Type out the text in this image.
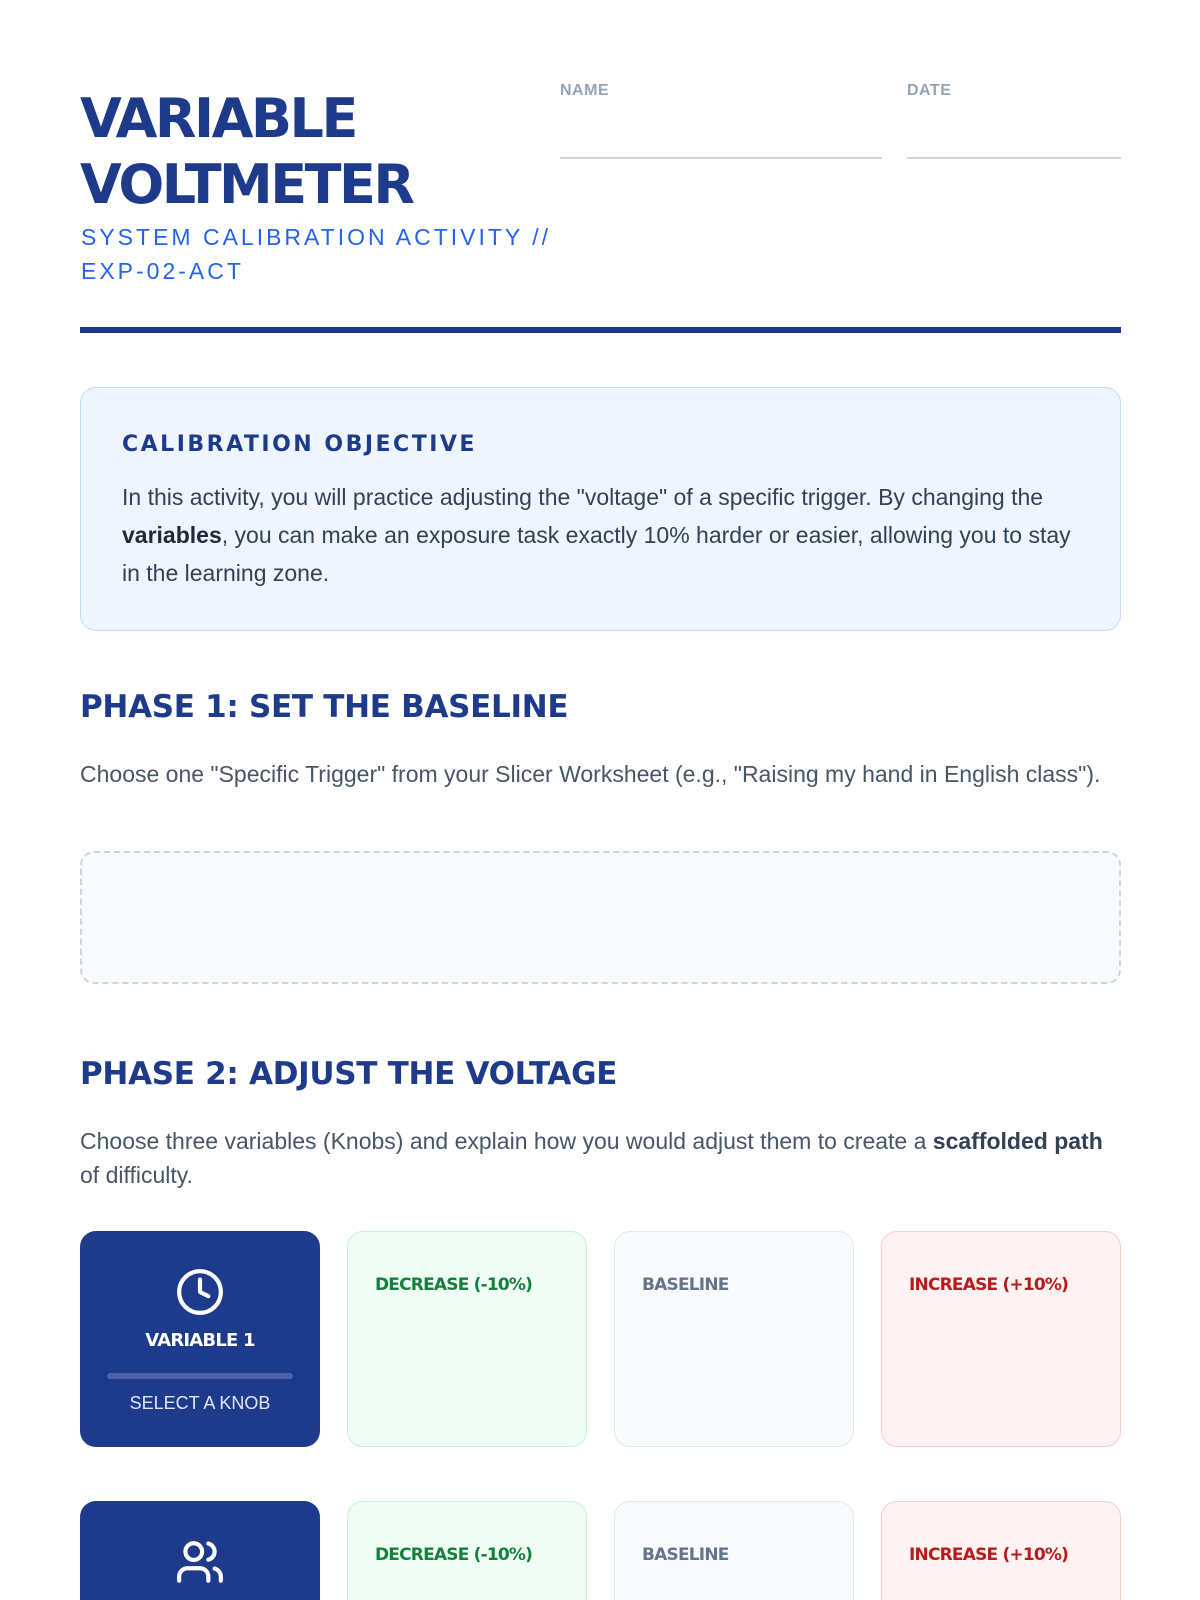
VARIABLE
VOLTMETER
SYSTEM CALIBRATION ACTIVITY // EXP-02-ACT
NAME	DATE
CALIBRATION OBJECTIVE

In this activity, you will practice adjusting the "voltage" of a specific trigger. By changing the variables, you can make an exposure task exactly 10% harder or easier, allowing you to stay in the learning zone.

PHASE 1: SET THE BASELINE

Choose one "Specific Trigger" from your Slicer Worksheet (e.g., "Raising my hand in English class").

PHASE 2: ADJUST THE VOLTAGE

Choose three variables (Knobs) and explain how you would adjust them to create a scaffolded path of difficulty.

VARIABLE 1
SELECT A KNOB
DECREASE (-10%)	BASELINE	INCREASE (+10%)
DECREASE (-10%)	BASELINE	INCREASE (+10%)
